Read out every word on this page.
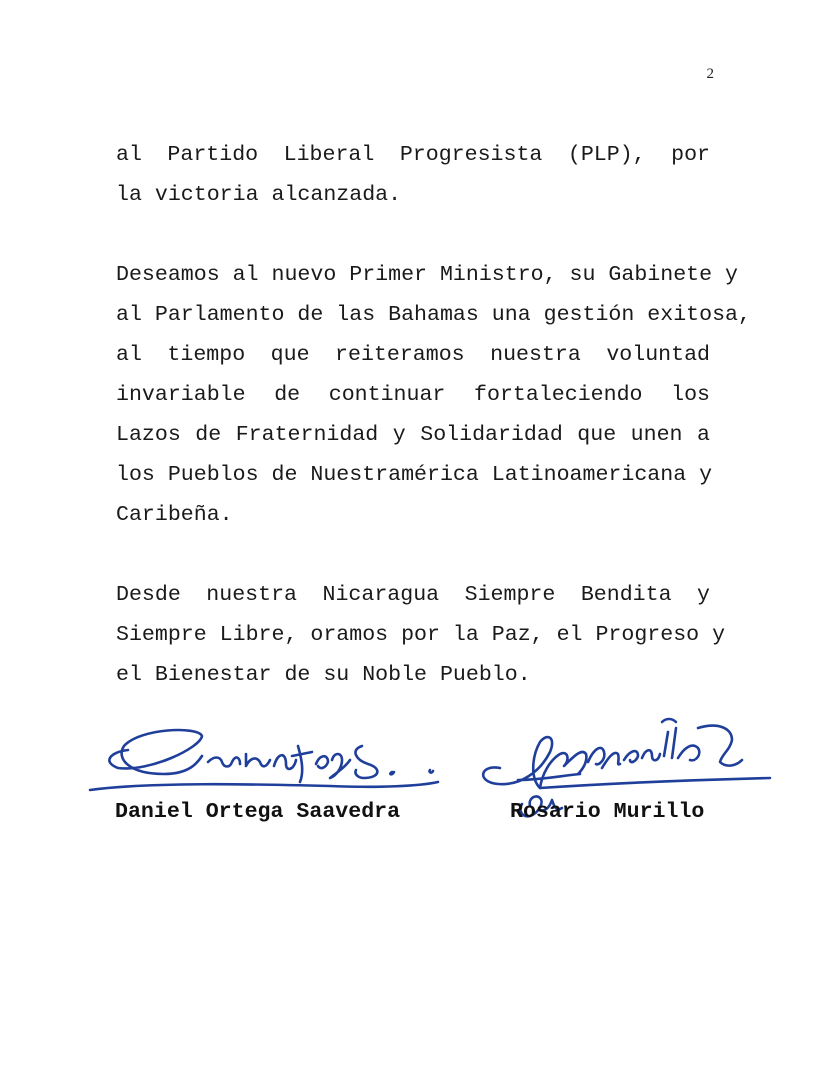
2
al Partido Liberal Progresista (PLP), por
la victoria alcanzada.
Deseamos al nuevo Primer Ministro, su Gabinete y
al Parlamento de las Bahamas una gestión exitosa,
al tiempo que reiteramos nuestra voluntad
invariable de continuar fortaleciendo los
Lazos de Fraternidad y Solidaridad que unen a
los Pueblos de Nuestramérica Latinoamericana y
Caribeña.
Desde nuestra Nicaragua Siempre Bendita y
Siempre Libre, oramos por la Paz, el Progreso y
el Bienestar de su Noble Pueblo.
Daniel Ortega Saavedra	Rosario Murillo
